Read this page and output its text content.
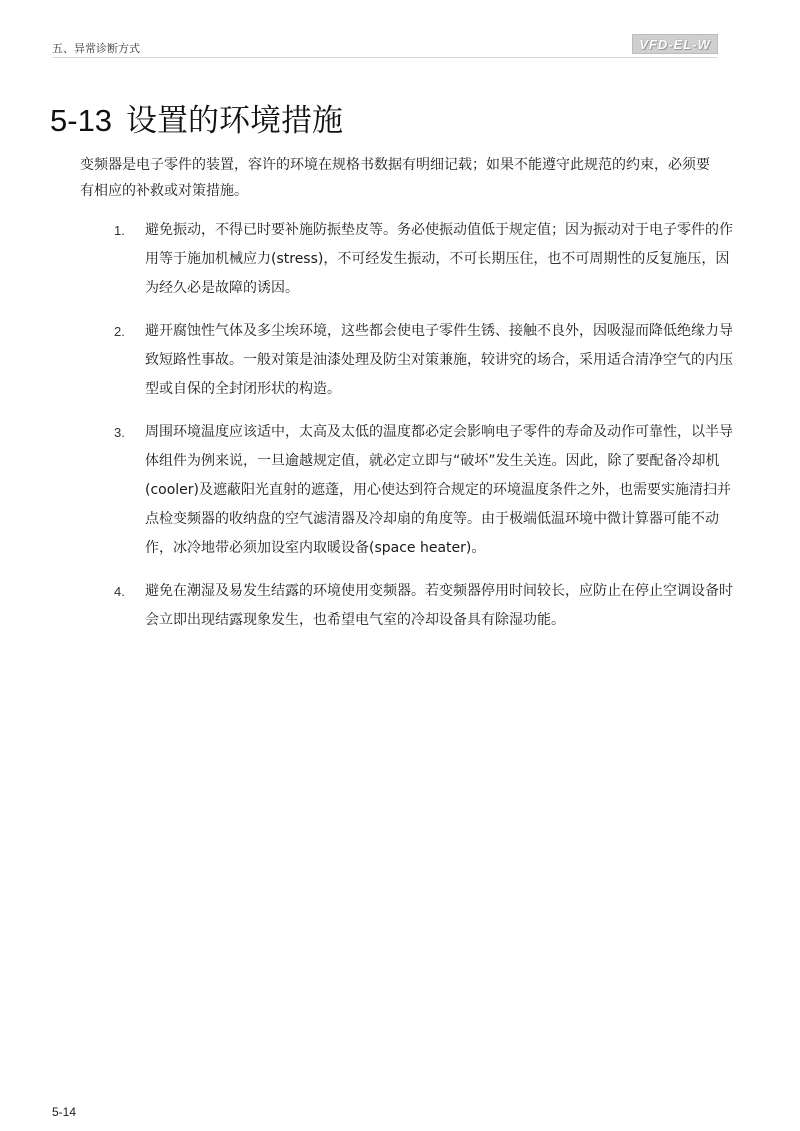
五、异常诊断方式	VFD-EL-W
5-13 设置的环境措施

变频器是电子零件的装置，容许的环境在规格书数据有明细记载；如果不能遵守此规范的约束，必须要有相应的补救或对策措施。

1. 避免振动，不得已时要补施防振垫皮等。务必使振动值低于规定值；因为振动对于电子零件的作用等于施加机械应力(stress)，不可经发生振动，不可长期压住，也不可周期性的反复施压，因为经久必是故障的诱因。
2. 避开腐蚀性气体及多尘埃环境，这些都会使电子零件生锈、接触不良外，因吸湿而降低绝缘力导致短路性事故。一般对策是油漆处理及防尘对策兼施，较讲究的场合，采用适合清净空气的内压型或自保的全封闭形状的构造。
3. 周围环境温度应该适中，太高及太低的温度都必定会影响电子零件的寿命及动作可靠性，以半导体组件为例来说，一旦逾越规定值，就必定立即与“破坏”发生关连。因此，除了要配备冷却机(cooler)及遮蔽阳光直射的遮蓬，用心使达到符合规定的环境温度条件之外，也需要实施清扫并点检变频器的收纳盘的空气滤清器及冷却扇的角度等。由于极端低温环境中微计算器可能不动作，冰冷地带必须加设室内取暖设备(space heater)。
4. 避免在潮湿及易发生结露的环境使用变频器。若变频器停用时间较长，应防止在停止空调设备时会立即出现结露现象发生，也希望电气室的冷却设备具有除湿功能。
5-14
